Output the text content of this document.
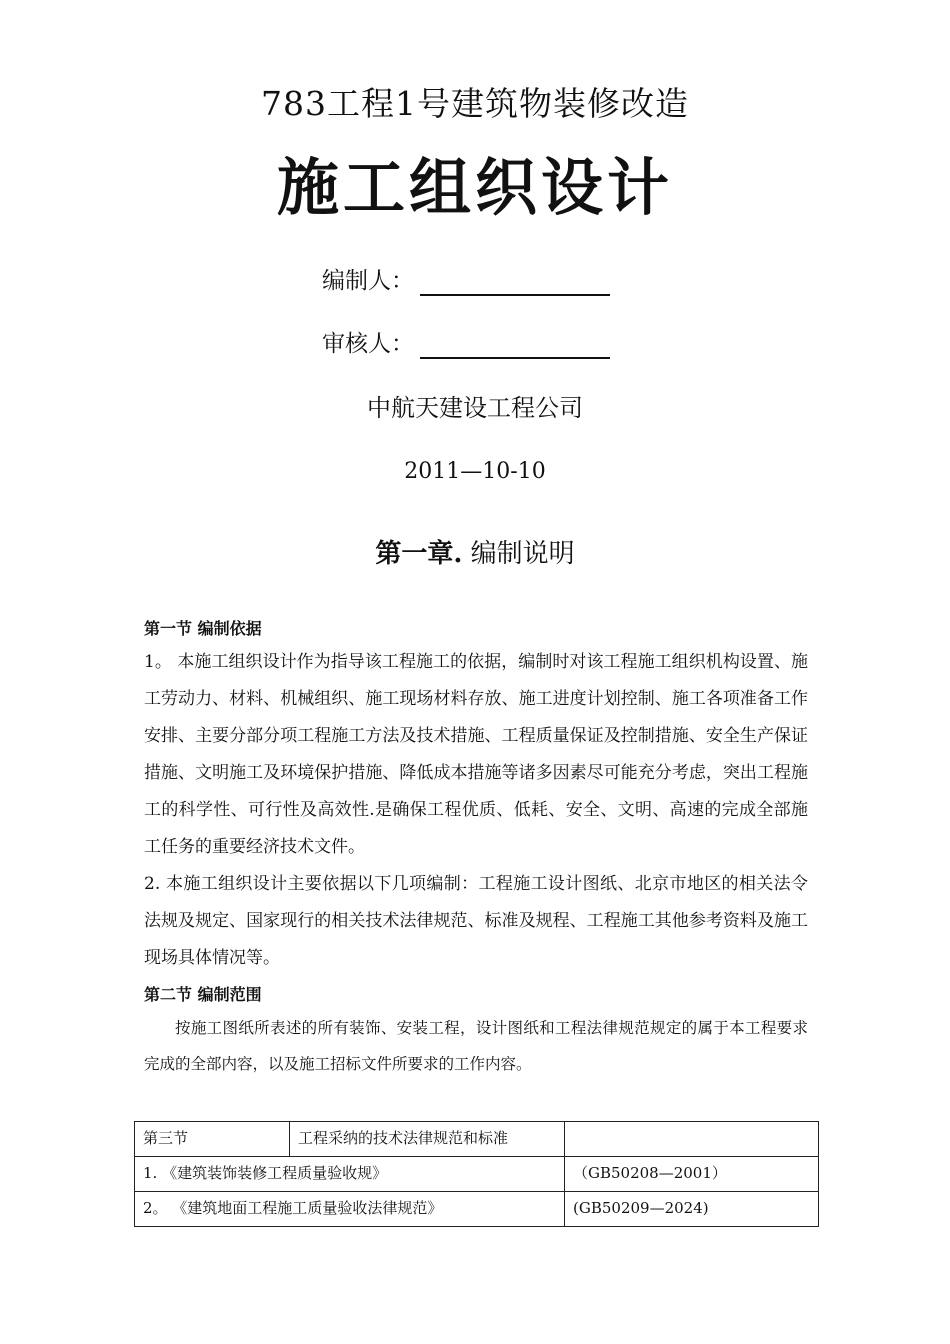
783工程1号建筑物装修改造
施工组织设计
编制人：
审核人：
中航天建设工程公司
2011—10-10
第一章. 编制说明

第一节 编制依据

1。 本施工组织设计作为指导该工程施工的依据，编制时对该工程施工组织机构设置、施工劳动力、材料、机械组织、施工现场材料存放、施工进度计划控制、施工各项准备工作安排、主要分部分项工程施工方法及技术措施、工程质量保证及控制措施、安全生产保证措施、文明施工及环境保护措施、降低成本措施等诸多因素尽可能充分考虑，突出工程施工的科学性、可行性及高效性.是确保工程优质、低耗、安全、文明、高速的完成全部施工任务的重要经济技术文件。

2. 本施工组织设计主要依据以下几项编制：工程施工设计图纸、北京市地区的相关法令法规及规定、国家现行的相关技术法律规范、标准及规程、工程施工其他参考资料及施工现场具体情况等。

第二节 编制范围

按施工图纸所表述的所有装饰、安装工程，设计图纸和工程法律规范规定的属于本工程要求完成的全部内容，以及施工招标文件所要求的工作内容。

第三节	工程采纳的技术法律规范和标准	
1. 《建筑装饰装修工程质量验收规》		（GB50208—2001）
2。 《建筑地面工程施工质量验收法律规范》		(GB50209—2024)
